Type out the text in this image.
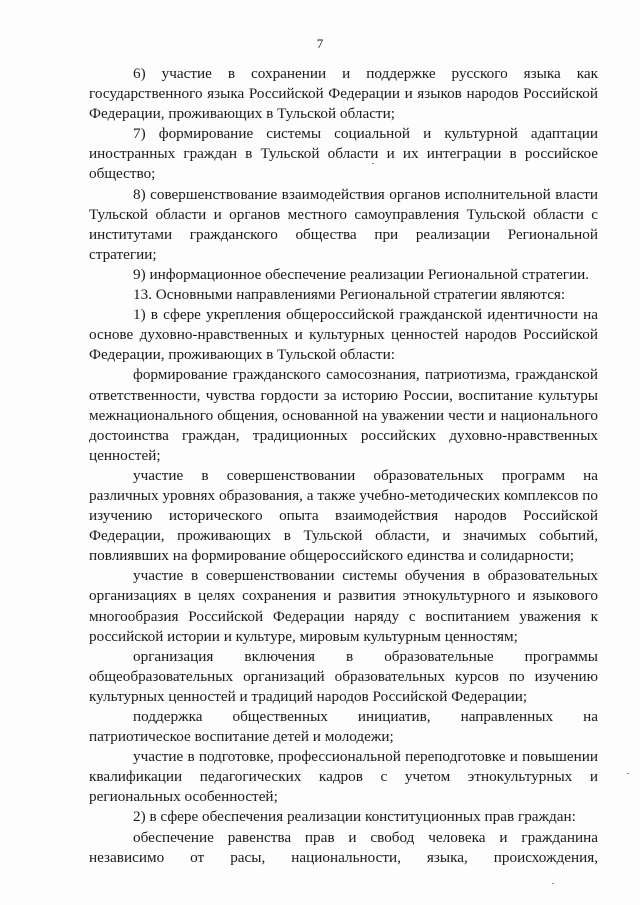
7

6) участие в сохранении и поддержке русского языка как государственного языка Российской Федерации и языков народов Российской Федерации, проживающих в Тульской области;

7) формирование системы социальной и культурной адаптации иностранных граждан в Тульской области и их интеграции в российское общество;

8) совершенствование взаимодействия органов исполнительной власти Тульской области и органов местного самоуправления Тульской области с институтами гражданского общества при реализации Региональной стратегии;

9) информационное обеспечение реализации Региональной стратегии.

13. Основными направлениями Региональной стратегии являются:

1) в сфере укрепления общероссийской гражданской идентичности на основе духовно-нравственных и культурных ценностей народов Российской Федерации, проживающих в Тульской области:

формирование гражданского самосознания, патриотизма, гражданской ответственности, чувства гордости за историю России, воспитание культуры межнационального общения, основанной на уважении чести и национального достоинства граждан, традиционных российских духовно-нравственных ценностей;

участие в совершенствовании образовательных программ на различных уровнях образования, а также учебно-методических комплексов по изучению исторического опыта взаимодействия народов Российской Федерации, проживающих в Тульской области, и значимых событий, повлиявших на формирование общероссийского единства и солидарности;

участие в совершенствовании системы обучения в образовательных организациях в целях сохранения и развития этнокультурного и языкового многообразия Российской Федерации наряду с воспитанием уважения к российской истории и культуре, мировым культурным ценностям;

организация включения в образовательные программы общеобразовательных организаций образовательных курсов по изучению культурных ценностей и традиций народов Российской Федерации;

поддержка общественных инициатив, направленных на патриотическое воспитание детей и молодежи;

участие в подготовке, профессиональной переподготовке и повышении квалификации педагогических кадров с учетом этнокультурных и региональных особенностей;

2) в сфере обеспечения реализации конституционных прав граждан:

обеспечение равенства прав и свобод человека и гражданина независимо от расы, национальности, языка, происхождения,
